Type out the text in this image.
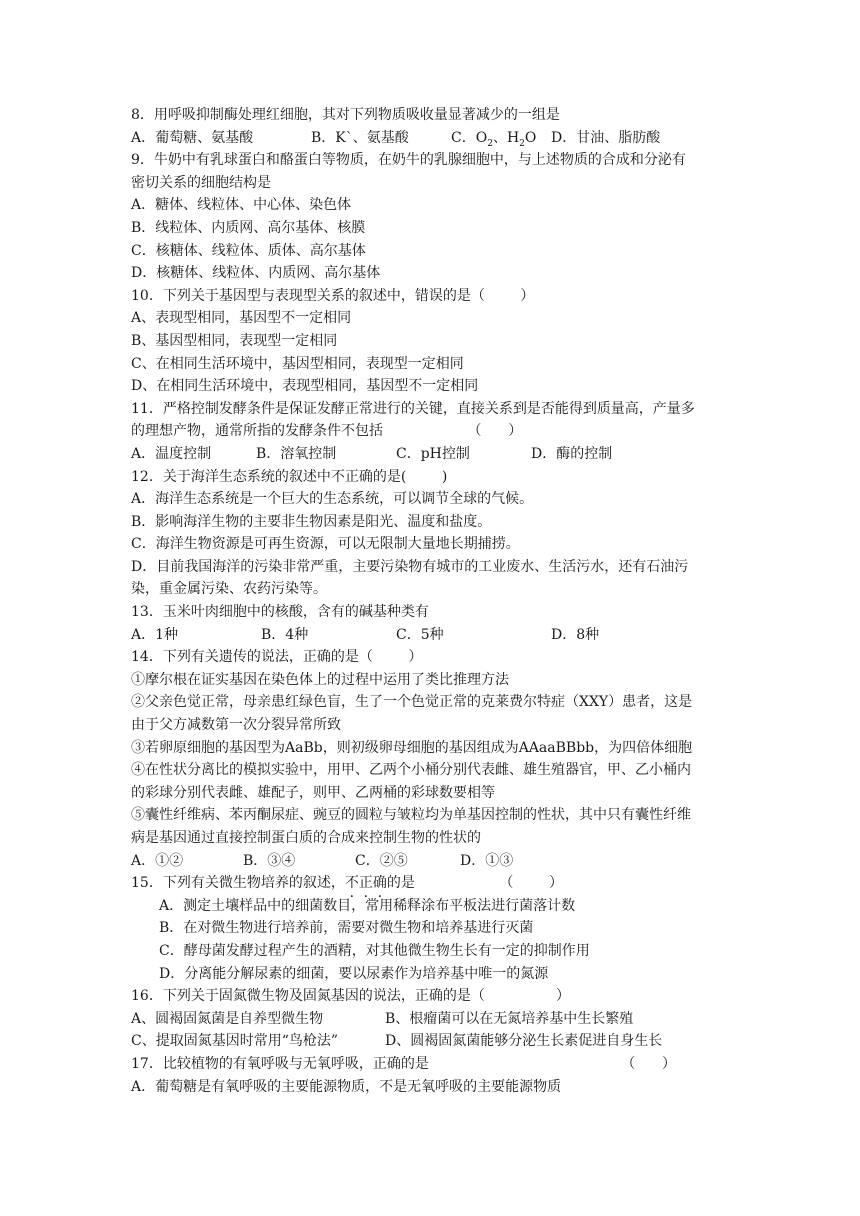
8．用呼吸抑制酶处理红细胞，其对下列物质吸收量显著减少的一组是
A．葡萄糖、氨基酸	B．K`、氨基酸	C．$O_2$、$H_2O$	D．甘油、脂肪酸
9．牛奶中有乳球蛋白和酪蛋白等物质，在奶牛的乳腺细胞中，与上述物质的合成和分泌有
密切关系的细胞结构是
A．糖体、线粒体、中心体、染色体
B．线粒体、内质网、高尔基体、核膜
C．核糖体、线粒体、质体、高尔基体
D．核糖体、线粒体、内质网、高尔基体
10．下列关于基因型与表现型关系的叙述中，错误的是（        ）
A、表现型相同，基因型不一定相同
B、基因型相同，表现型一定相同
C、在相同生活环境中，基因型相同，表现型一定相同
D、在相同生活环境中，表现型相同，基因型不一定相同
11．严格控制发酵条件是保证发酵正常进行的关键，直接关系到是否能得到质量高，产量多
的理想产物，通常所指的发酵条件不包括                   （      ）
A．温度控制	B．溶氧控制	C．pH控制	D．酶的控制
12．关于海洋生态系统的叙述中不正确的是(        )
A．海洋生态系统是一个巨大的生态系统，可以调节全球的气候。
B．影响海洋生物的主要非生物因素是阳光、温度和盐度。
C．海洋生物资源是可再生资源，可以无限制大量地长期捕捞。
D．目前我国海洋的污染非常严重，主要污染物有城市的工业废水、生活污水，还有石油污
染，重金属污染、农药污染等。
13．玉米叶肉细胞中的核酸，含有的碱基种类有
A．1种	B．4种	C．5种	D．8种
14．下列有关遗传的说法，正确的是（        ）
①摩尔根在证实基因在染色体上的过程中运用了类比推理方法
②父亲色觉正常，母亲患红绿色盲，生了一个色觉正常的克莱费尔特症（XXY）患者，这是
由于父方减数第一次分裂异常所致
③若卵原细胞的基因型为AaBb，则初级卵母细胞的基因组成为AAaaBBbb，为四倍体细胞
④在性状分离比的模拟实验中，用甲、乙两个小桶分别代表雌、雄生殖器官，甲、乙小桶内
的彩球分别代表雌、雄配子，则甲、乙两桶的彩球数要相等
⑤囊性纤维病、苯丙酮尿症、豌豆的圆粒与皱粒均为单基因控制的性状，其中只有囊性纤维
病是基因通过直接控制蛋白质的合成来控制生物的性状的
A．①②	B．③④	C．②⑤	D．①③
15．下列有关微生物培养的叙述，不正确的是                   （        ）
A．测定土壤样品中的细菌数目，常用稀释涂布平板法进行菌落计数
B．在对微生物进行培养前，需要对微生物和培养基进行灭菌
C．酵母菌发酵过程产生的酒精，对其他微生物生长有一定的抑制作用
D．分离能分解尿素的细菌，要以尿素作为培养基中唯一的氮源
16．下列关于固氮微生物及固氮基因的说法，正确的是（                ）
A、圆褐固氮菌是自养型微生物	B、根瘤菌可以在无氮培养基中生长繁殖
C、提取固氮基因时常用“鸟枪法”	D、圆褐固氮菌能够分泌生长素促进自身生长
17．比较植物的有氧呼吸与无氧呼吸，正确的是	（      ）
A．葡萄糖是有氧呼吸的主要能源物质，不是无氧呼吸的主要能源物质
